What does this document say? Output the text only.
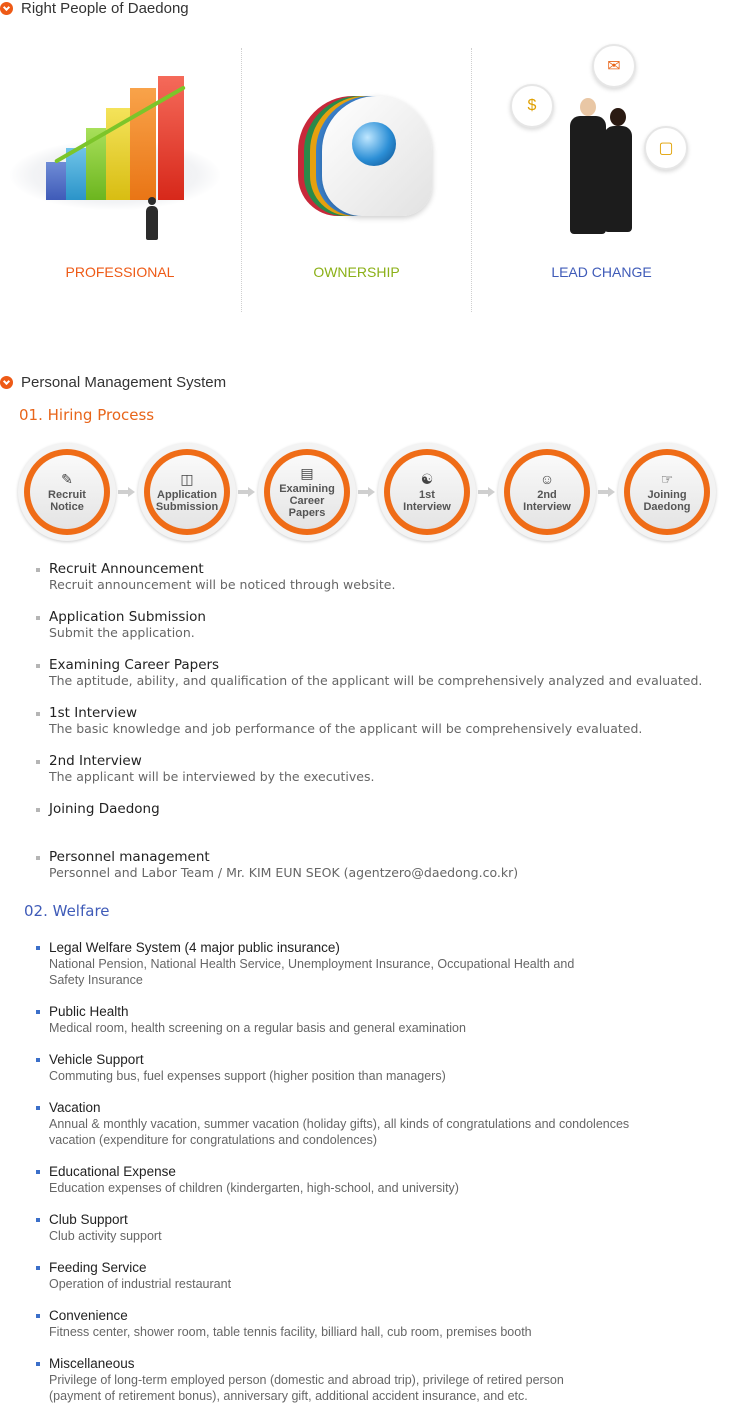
Right People of Daedong
PROFESSIONAL	OWNERSHIP
$
✉
▢
LEAD CHANGE
Personal Management System
01. Hiring Process
✎
Recruit
Notice
◫
Application
Submission
▤
Examining
Career
Papers
☯
1st
Interview
☺
2nd
Interview
☞
Joining
Daedong
Recruit Announcement
Recruit announcement will be noticed through website.
Application Submission
Submit the application.
Examining Career Papers
The aptitude, ability, and qualification of the applicant will be comprehensively analyzed and evaluated.
1st Interview
The basic knowledge and job performance of the applicant will be comprehensively evaluated.
2nd Interview
The applicant will be interviewed by the executives.
Joining Daedong
Personnel management
Personnel and Labor Team / Mr. KIM EUN SEOK (agentzero@daedong.co.kr)
02. Welfare
Legal Welfare System (4 major public insurance)
National Pension, National Health Service, Unemployment Insurance, Occupational Health and
Safety Insurance
Public Health
Medical room, health screening on a regular basis and general examination
Vehicle Support
Commuting bus, fuel expenses support (higher position than managers)
Vacation
Annual & monthly vacation, summer vacation (holiday gifts), all kinds of congratulations and condolences
vacation (expenditure for congratulations and condolences)
Educational Expense
Education expenses of children (kindergarten, high-school, and university)
Club Support
Club activity support
Feeding Service
Operation of industrial restaurant
Convenience
Fitness center, shower room, table tennis facility, billiard hall, cub room, premises booth
Miscellaneous
Privilege of long-term employed person (domestic and abroad trip), privilege of retired person
(payment of retirement bonus), anniversary gift, additional accident insurance, and etc.
